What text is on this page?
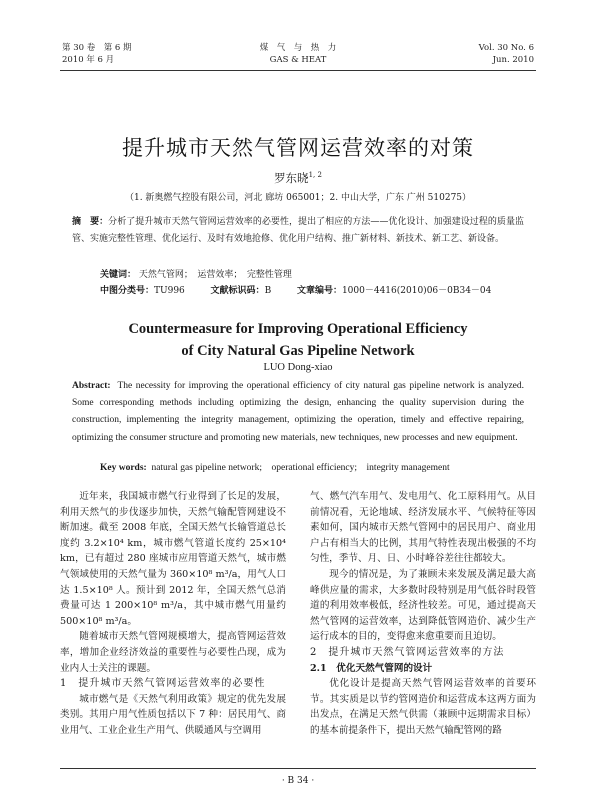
第 30 卷　第 6 期
2010 年 6 月
煤　气　与　热　力
GAS & HEAT
Vol. 30 No. 6
Jun. 2010
提升城市天然气管网运营效率的对策
罗东晓$^{1, 2}$
（1. 新奥燃气控股有限公司，河北 廊坊 065001；2. 中山大学，广东 广州 510275）
摘　要：分析了提升城市天然气管网运营效率的必要性，提出了相应的方法——优化设计、加强建设过程的质量监管、实施完整性管理、优化运行、及时有效地抢修、优化用户结构、推广新材料、新技术、新工艺、新设备。
关键词： 天然气管网；　运营效率；　完整性管理
中图分类号：TU996	文献标识码：B	文章编号：1000－4416(2010)06－0B34－04
Countermeasure for Improving Operational Efficiency
of City Natural Gas Pipeline Network
LUO Dong-xiao
Abstract: The necessity for improving the operational efficiency of city natural gas pipeline network is analyzed. Some corresponding methods including optimizing the design, enhancing the quality supervision during the construction, implementing the integrity management, optimizing the operation, timely and effective repairing, optimizing the consumer structure and promoting new materials, new techniques, new processes and new equipment.
Key words: natural gas pipeline network;　operational efficiency;　integrity management

近年来，我国城市燃气行业得到了长足的发展，利用天然气的步伐逐步加快，天然气输配管网建设不断加速。截至 2008 年底，全国天然气长输管道总长度约 3.2×10⁴ km，城市燃气管道长度约 25×10⁴ km，已有超过 280 座城市应用管道天然气，城市燃气领域使用的天然气量为 360×10⁸ m³/a，用气人口达 1.5×10⁸ 人。预计到 2012 年，全国天然气总消费量可达 1 200×10⁸ m³/a，其中城市燃气用量约 500×10⁸ m³/a。

随着城市天然气管网规模增大，提高管网运营效率，增加企业经济效益的重要性与必要性凸现，成为业内人士关注的课题。

1　提升城市天然气管网运营效率的必要性

城市燃气是《天然气利用政策》规定的优先发展类别。其用户用气性质包括以下 7 种：居民用气、商业用气、工业企业生产用气、供暖通风与空调用

气、燃气汽车用气、发电用气、化工原料用气。从目前情况看，无论地域、经济发展水平、气候特征等因素如何，国内城市天然气管网中的居民用户、商业用户占有相当大的比例，其用气特性表现出极强的不均匀性，季节、月、日、小时峰谷差往往都较大。

现今的情况是，为了兼顾未来发展及满足最大高峰供应量的需求，大多数时段特别是用气低谷时段管道的利用效率极低，经济性较差。可见，通过提高天然气管网的运营效率，达到降低管网造价、减少生产运行成本的目的，变得愈来愈重要而且迫切。

2　提升城市天然气管网运营效率的方法
2.1　优化天然气管网的设计

优化设计是提高天然气管网运营效率的首要环节。其实质是以节约管网造价和运营成本这两方面为出发点，在满足天然气供需（兼顾中远期需求目标）的基本前提条件下，提出天然气输配管网的路

· B 34 ·
